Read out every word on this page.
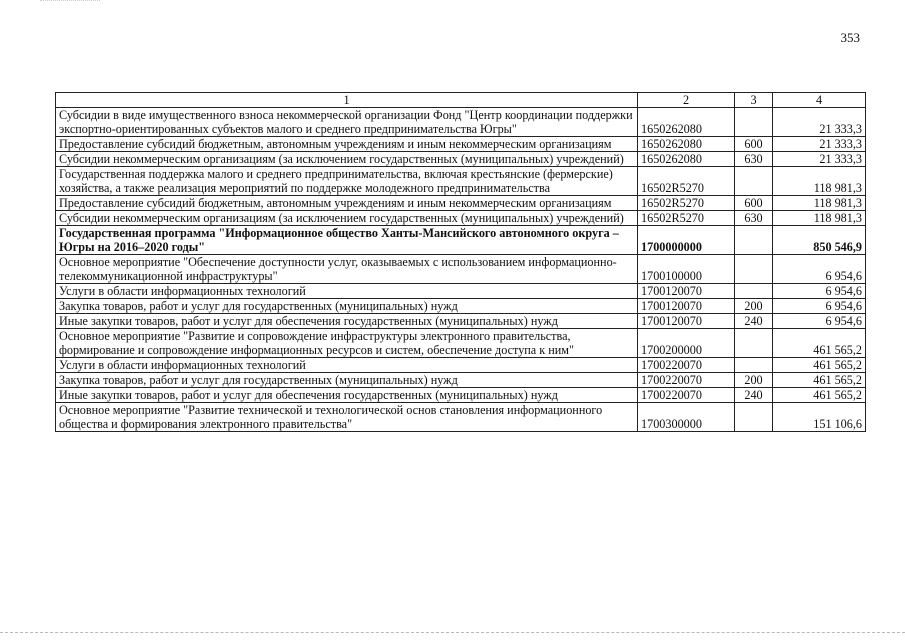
353
1	2	3	4
Субсидии в виде имущественного взноса некоммерческой организации Фонд "Центр координации поддержки экспортно-ориентированных субъектов малого и среднего предпринимательства Югры"	1650262080		21 333,3
Предоставление субсидий бюджетным, автономным учреждениям и иным некоммерческим организациям	1650262080	600	21 333,3
Субсидии некоммерческим организациям (за исключением государственных (муниципальных) учреждений)	1650262080	630	21 333,3
Государственная поддержка малого и среднего предпринимательства, включая крестьянские (фермерские) хозяйства, а также реализация мероприятий по поддержке молодежного предпринимательства	16502R5270		118 981,3
Предоставление субсидий бюджетным, автономным учреждениям и иным некоммерческим организациям	16502R5270	600	118 981,3
Субсидии некоммерческим организациям (за исключением государственных (муниципальных) учреждений)	16502R5270	630	118 981,3
Государственная программа "Информационное общество Ханты-Мансийского автономного округа – Югры на 2016–2020 годы"	1700000000		850 546,9
Основное мероприятие "Обеспечение доступности услуг, оказываемых с использованием информационно-телекоммуникационной инфраструктуры"	1700100000		6 954,6
Услуги в области информационных технологий	1700120070		6 954,6
Закупка товаров, работ и услуг для государственных (муниципальных) нужд	1700120070	200	6 954,6
Иные закупки товаров, работ и услуг для обеспечения государственных (муниципальных) нужд	1700120070	240	6 954,6
Основное мероприятие "Развитие и сопровождение инфраструктуры электронного правительства, формирование и сопровождение информационных ресурсов и систем, обеспечение доступа к ним"	1700200000		461 565,2
Услуги в области информационных технологий	1700220070		461 565,2
Закупка товаров, работ и услуг для государственных (муниципальных) нужд	1700220070	200	461 565,2
Иные закупки товаров, работ и услуг для обеспечения государственных (муниципальных) нужд	1700220070	240	461 565,2
Основное мероприятие "Развитие технической и технологической основ становления информационного общества и формирования электронного правительства"	1700300000		151 106,6
